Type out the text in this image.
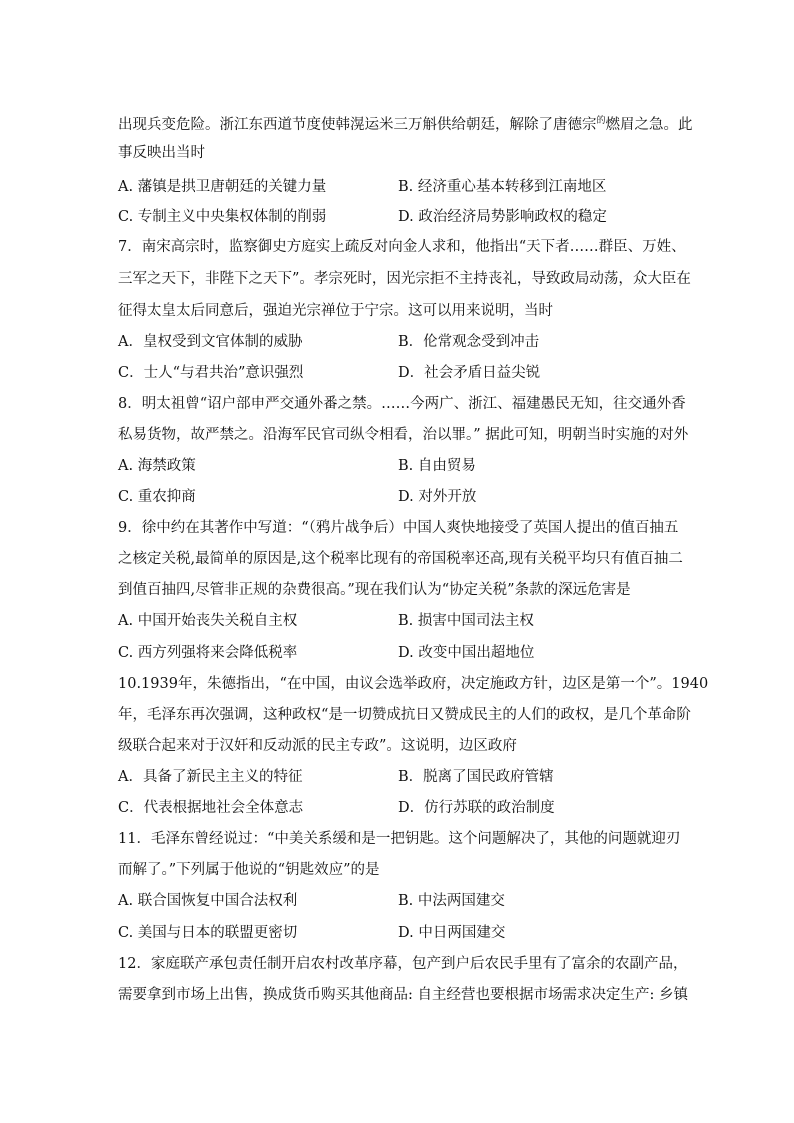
出现兵变危险。浙江东西道节度使韩滉运米三万斛供给朝廷，解除了唐德宗$^的$燃眉之急。此
事反映出当时
A. 藩镇是拱卫唐朝廷的关键力量	B. 经济重心基本转移到江南地区
C. 专制主义中央集权体制的削弱	D. 政治经济局势影响政权的稳定
7．南宋高宗时，监察御史方庭实上疏反对向金人求和，他指出“天下者……群臣、万姓、
三军之天下，非陛下之天下”。孝宗死时，因光宗拒不主持丧礼，导致政局动荡，众大臣在
征得太皇太后同意后，强迫光宗禅位于宁宗。这可以用来说明，当时
A．皇权受到文官体制的威胁	B．伦常观念受到冲击
C．士人“与君共治”意识强烈	D．社会矛盾日益尖锐
8．明太祖曾“诏户部申严交通外番之禁。……今两广、浙江、福建愚民无知，往交通外香
私易货物，故严禁之。沿海军民官司纵令相看，治以罪。” 据此可知，明朝当时实施的对外
A. 海禁政策	B. 自由贸易
C. 重农抑商	D. 对外开放
9．徐中约在其著作中写道：“（鸦片战争后）中国人爽快地接受了英国人提出的值百抽五
之核定关税,最简单的原因是,这个税率比现有的帝国税率还高,现有关税平均只有值百抽二
到值百抽四,尽管非正规的杂费很高。”现在我们认为“协定关税”条款的深远危害是
A. 中国开始丧失关税自主权	B. 损害中国司法主权
C. 西方列强将来会降低税率	D. 改变中国出超地位
10.1939年，朱德指出，“在中国，由议会选举政府，决定施政方针，边区是第一个”。1940
年，毛泽东再次强调，这种政权“是一切赞成抗日又赞成民主的人们的政权，是几个革命阶
级联合起来对于汉奸和反动派的民主专政”。这说明，边区政府
A．具备了新民主主义的特征	B．脱离了国民政府管辖
C．代表根据地社会全体意志	D．仿行苏联的政治制度
11．毛泽东曾经说过：“中美关系缓和是一把钥匙。这个问题解决了，其他的问题就迎刃
而解了。”下列属于他说的“钥匙效应”的是
A. 联合国恢复中国合法权利	B. 中法两国建交
C. 美国与日本的联盟更密切	D. 中日两国建交
12．家庭联产承包责任制开启农村改革序幕，包产到户后农民手里有了富余的农副产品，
需要拿到市场上出售，换成货币购买其他商品: 自主经营也要根据市场需求决定生产: 乡镇
